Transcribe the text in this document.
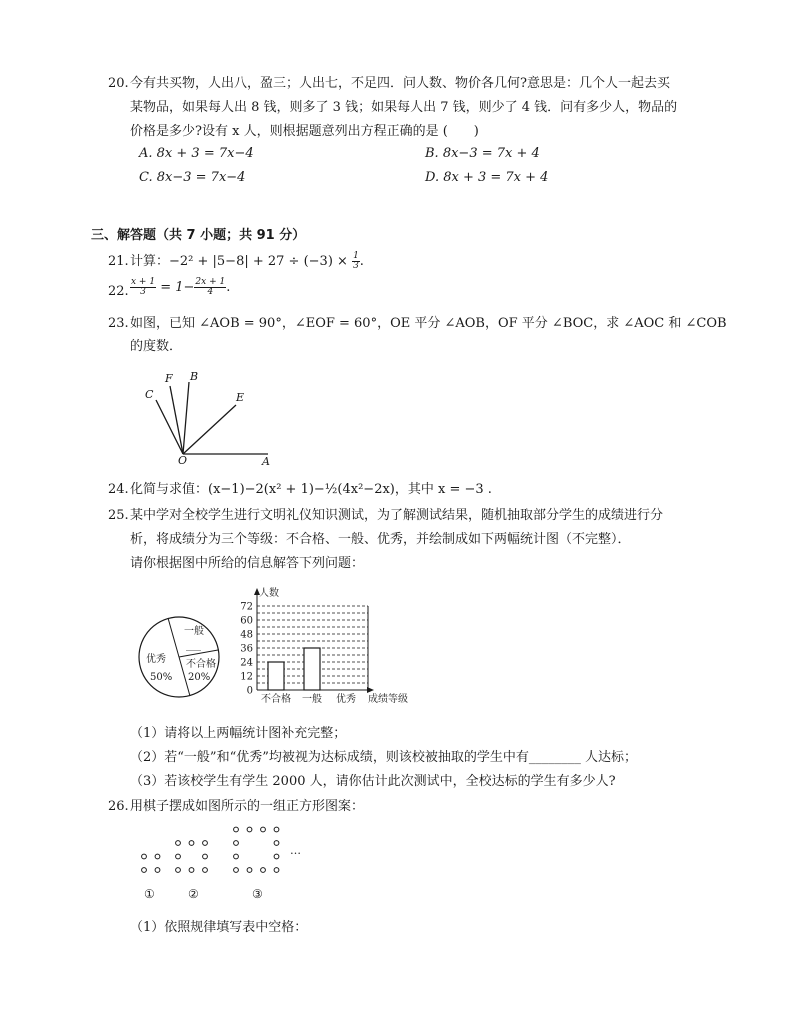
20. 今有共买物，人出八，盈三；人出七，不足四．问人数、物价各几何?意思是：几个人一起去买
某物品，如果每人出 8 钱，则多了 3 钱；如果每人出 7 钱，则少了 4 钱．问有多少人，物品的
价格是多少?设有 x 人，则根据题意列出方程正确的是 (　　)
A. 8x + 3 = 7x−4	B. 8x−3 = 7x + 4
C. 8x−3 = 7x−4	D. 8x + 3 = 7x + 4
三、解答题（共 7 小题；共 91 分）
21. 计算：$-2^2 + |5-8| + 27 \div (-3) \times \frac{1}{3}$ .
22. $\frac{x + 1}{3} = 1- \frac{2x + 1}{4}$ .
23. 如图，已知 ∠AOB = 90°，∠EOF = 60°，OE 平分 ∠AOB，OF 平分 ∠BOC，求 ∠AOC 和 ∠COB
的度数．
C
F B
E
O	A
24. 化简与求值：(x−1)−2(x² + 1)−½(4x²−2x)，其中 x = −3 .
25. 某中学对全校学生进行文明礼仪知识测试，为了解测试结果，随机抽取部分学生的成绩进行分
析，将成绩分为三个等级：不合格、一般、优秀，并绘制成如下两幅统计图（不完整）．
请你根据图中所给的信息解答下列问题：
一般
___
不合格
20%
优秀
50%
0
12
24
36
48
60
72
不合格 一般 优秀
人数
成绩等级
（1）请将以上两幅统计图补充完整；
（2）若“一般”和“优秀”均被视为达标成绩，则该校被抽取的学生中有________ 人达标；
（3）若该校学生有学生 2000 人，请你估计此次测试中，全校达标的学生有多少人?
26. 用棋子摆成如图所示的一组正方形图案：
…
①	②	③
（1）依照规律填写表中空格：
